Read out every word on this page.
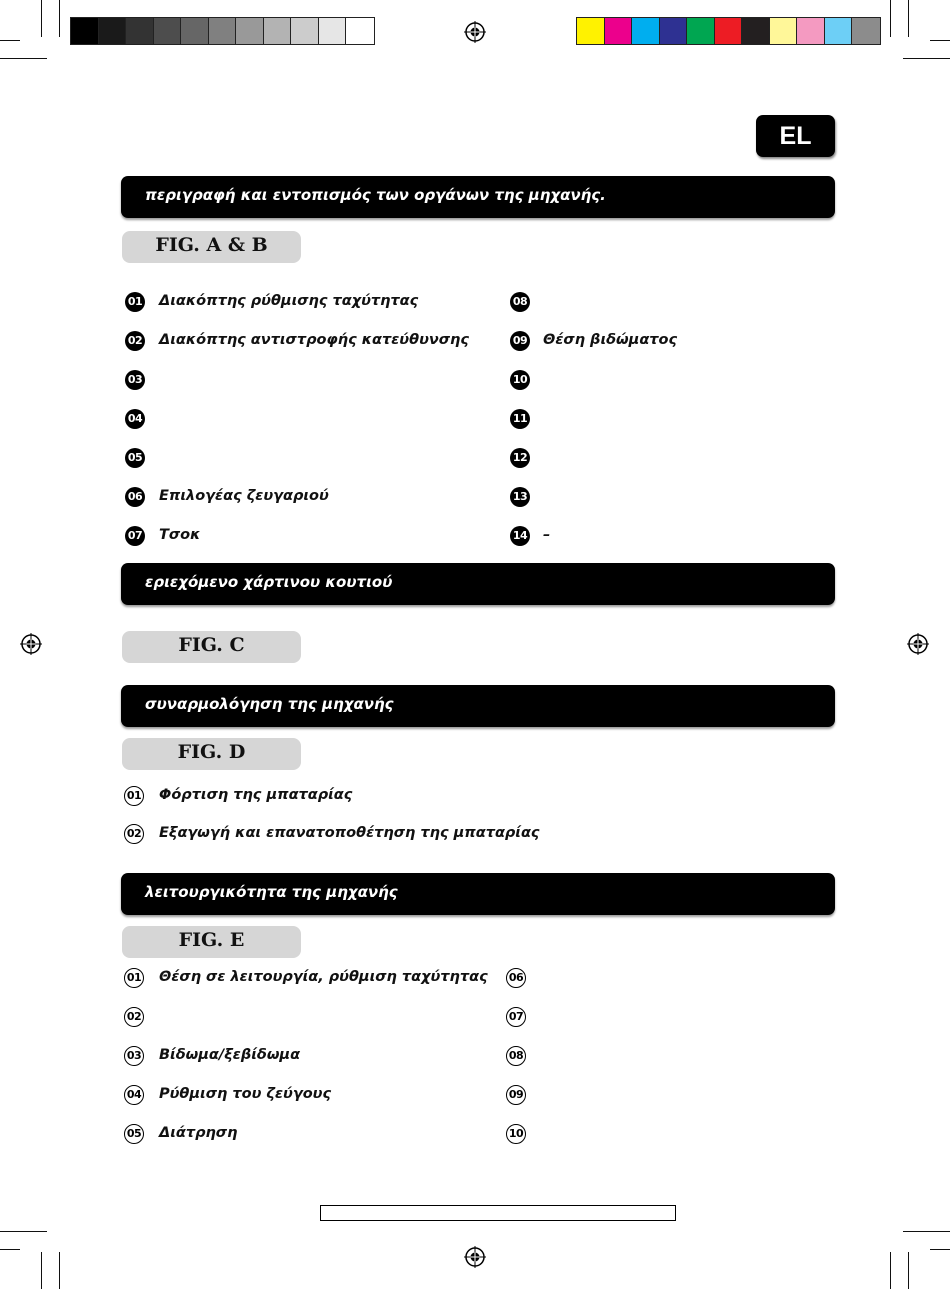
EL
περιγραφή και εντοπισμός των οργάνων της μηχανής.
FIG. A & B
01 Διακόπτης ρύθμισης ταχύτητας
02 Διακόπτης αντιστροφής κατεύθυνσης
03
04
05
06 Επιλογέας ζευγαριού
07 Τσοκ
08
09 Θέση βιδώματος
10
11
12
13
14 –
εριεχόμενο χάρτινου κουτιού
FIG. C
συναρμολόγηση της μηχανής
FIG. D
01 Φόρτιση της μπαταρίας
02 Εξαγωγή και επανατοποθέτηση της μπαταρίας
λειτουργικότητα της μηχανής
FIG. E
01 Θέση σε λειτουργία, ρύθμιση ταχύτητας
02
03 Βίδωμα/ξεβίδωμα
04 Ρύθμιση του ζεύγους
05 Διάτρηση
06
07
08
09
10
